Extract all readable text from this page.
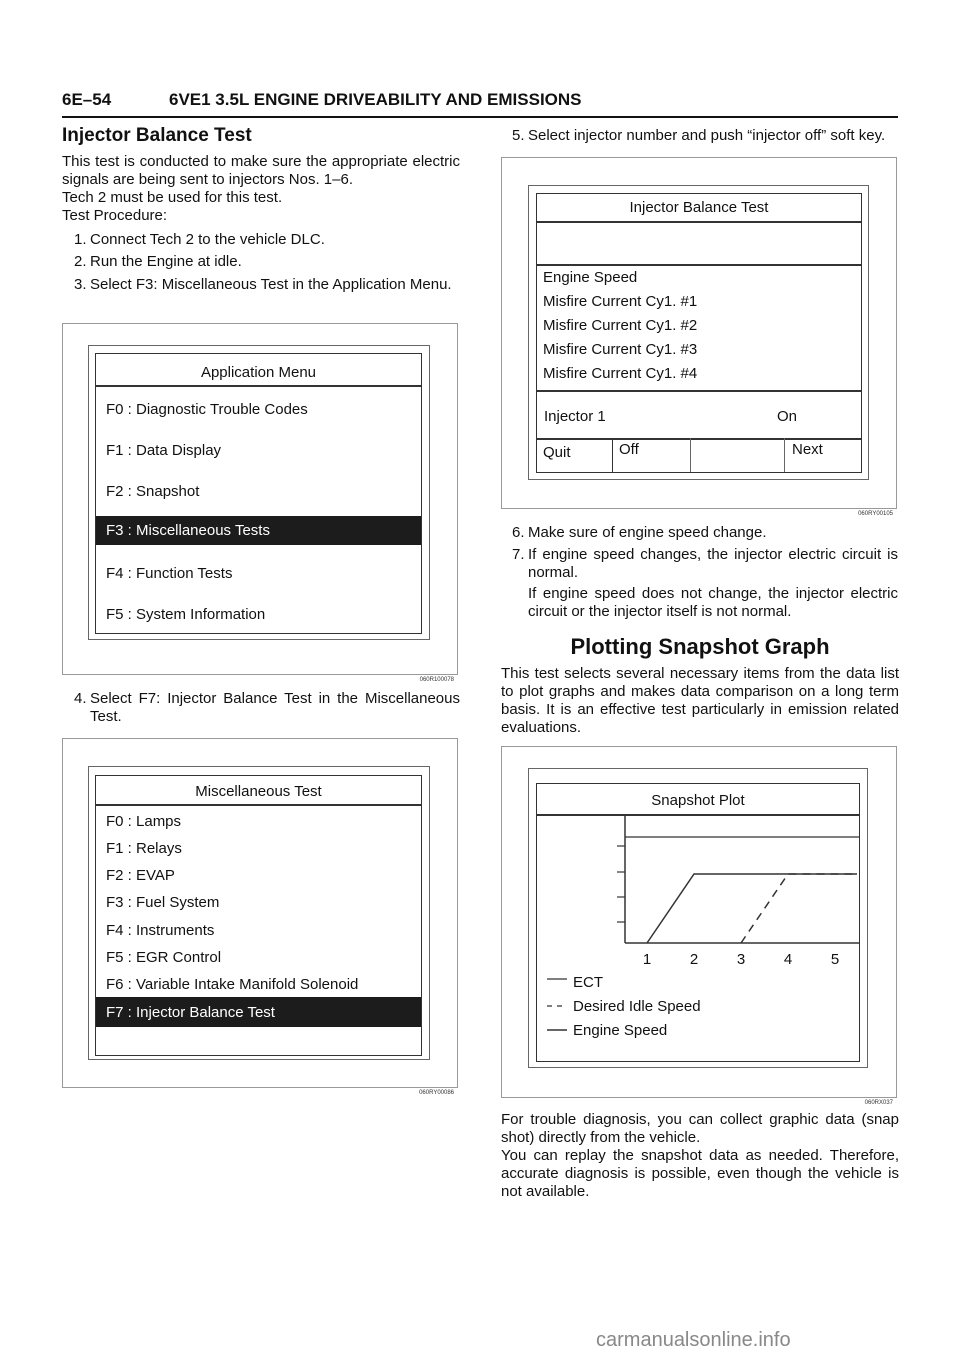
6E–54	6VE1 3.5L ENGINE DRIVEABILITY AND EMISSIONS
Injector Balance Test

This test is conducted to make sure the appropriate electric signals are being sent to injectors Nos. 1–6.

Tech 2 must be used for this test.

Test Procedure:

1. Connect Tech 2 to the vehicle DLC.
2. Run the Engine at idle.
3. Select F3: Miscellaneous Test in the Application Menu.
Application Menu
F0 : Diagnostic Trouble Codes
F1 : Data Display
F2 : Snapshot
F3 : Miscellaneous Tests
F4 : Function Tests
F5 : System Information
060R100078
4. Select F7: Injector Balance Test in the Miscellaneous Test.
Miscellaneous Test
F0 : Lamps
F1 : Relays
F2 : EVAP
F3 : Fuel System
F4 : Instruments
F5 : EGR Control
F6 : Variable Intake Manifold Solenoid
F7 : Injector Balance Test
060RY00086
5. Select injector number and push “injector off” soft key.
Injector Balance Test
Engine Speed
Misfire Current Cy1. #1
Misfire Current Cy1. #2
Misfire Current Cy1. #3
Misfire Current Cy1. #4
Injector 1	On
Quit	Off	Next
060RY00105
6. Make sure of engine speed change.
7. If engine speed changes, the injector electric circuit is normal.
If engine speed does not change, the injector electric circuit or the injector itself is not normal.
Plotting Snapshot Graph

This test selects several necessary items from the data list to plot graphs and makes data comparison on a long term basis. It is an effective test particularly in emission related evaluations.

Snapshot Plot
1	2	3	4	5
ECT
Desired Idle Speed
Engine Speed
060RX037

For trouble diagnosis, you can collect graphic data (snap shot) directly from the vehicle.

You can replay the snapshot data as needed. Therefore, accurate diagnosis is possible, even though the vehicle is not available.

carmanualsonline.info
